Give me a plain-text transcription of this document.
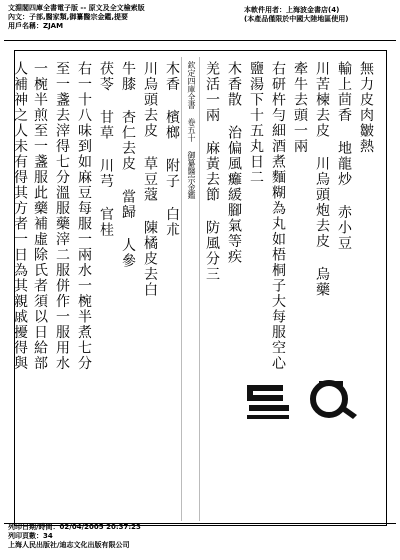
文淵閣四庫全書電子版 -- 原文及全文檢索版
內文：子部,醫家類,御纂醫宗金鑑,提要
用戶名稱：ZJAM
本軟件用者：上海波金書店(4)
(本產品僅限於中國大陸地區使用)
無力皮肉皺熱
輸上茴香 地龍炒 赤小豆
川苦楝去皮 川烏頭炮去皮 烏藥
牽牛去頭一兩
右研杵勻細酒煮麵糊為丸如梧桐子大每服空心
鹽湯下十五丸日二
木香散 治偏風癱緩腳氣等疾
羌活一兩 麻黃去節 防風分三
欽定四庫全書 卷五十 御纂醫宗金鑑
木香 檳榔 附子 白朮
川烏頭去皮 草豆蔻 陳橘皮去白
牛膝 杏仁去皮 當歸 人參
茯苓 甘草 川芎 官桂
右一十八味到如麻豆每服一兩水一椀半煮七分
至一盞去滓得七分溫服藥滓二服併作一服用水
一椀半煎至一盞服此藥補虛除氏者須以日給部
人補神之人未有得其方者一日為其親戚擾得與
列印日期/時間：02/04/2005 20:37:23
列印頁數：34
上海人民出版社/迪志文化出版有限公司
